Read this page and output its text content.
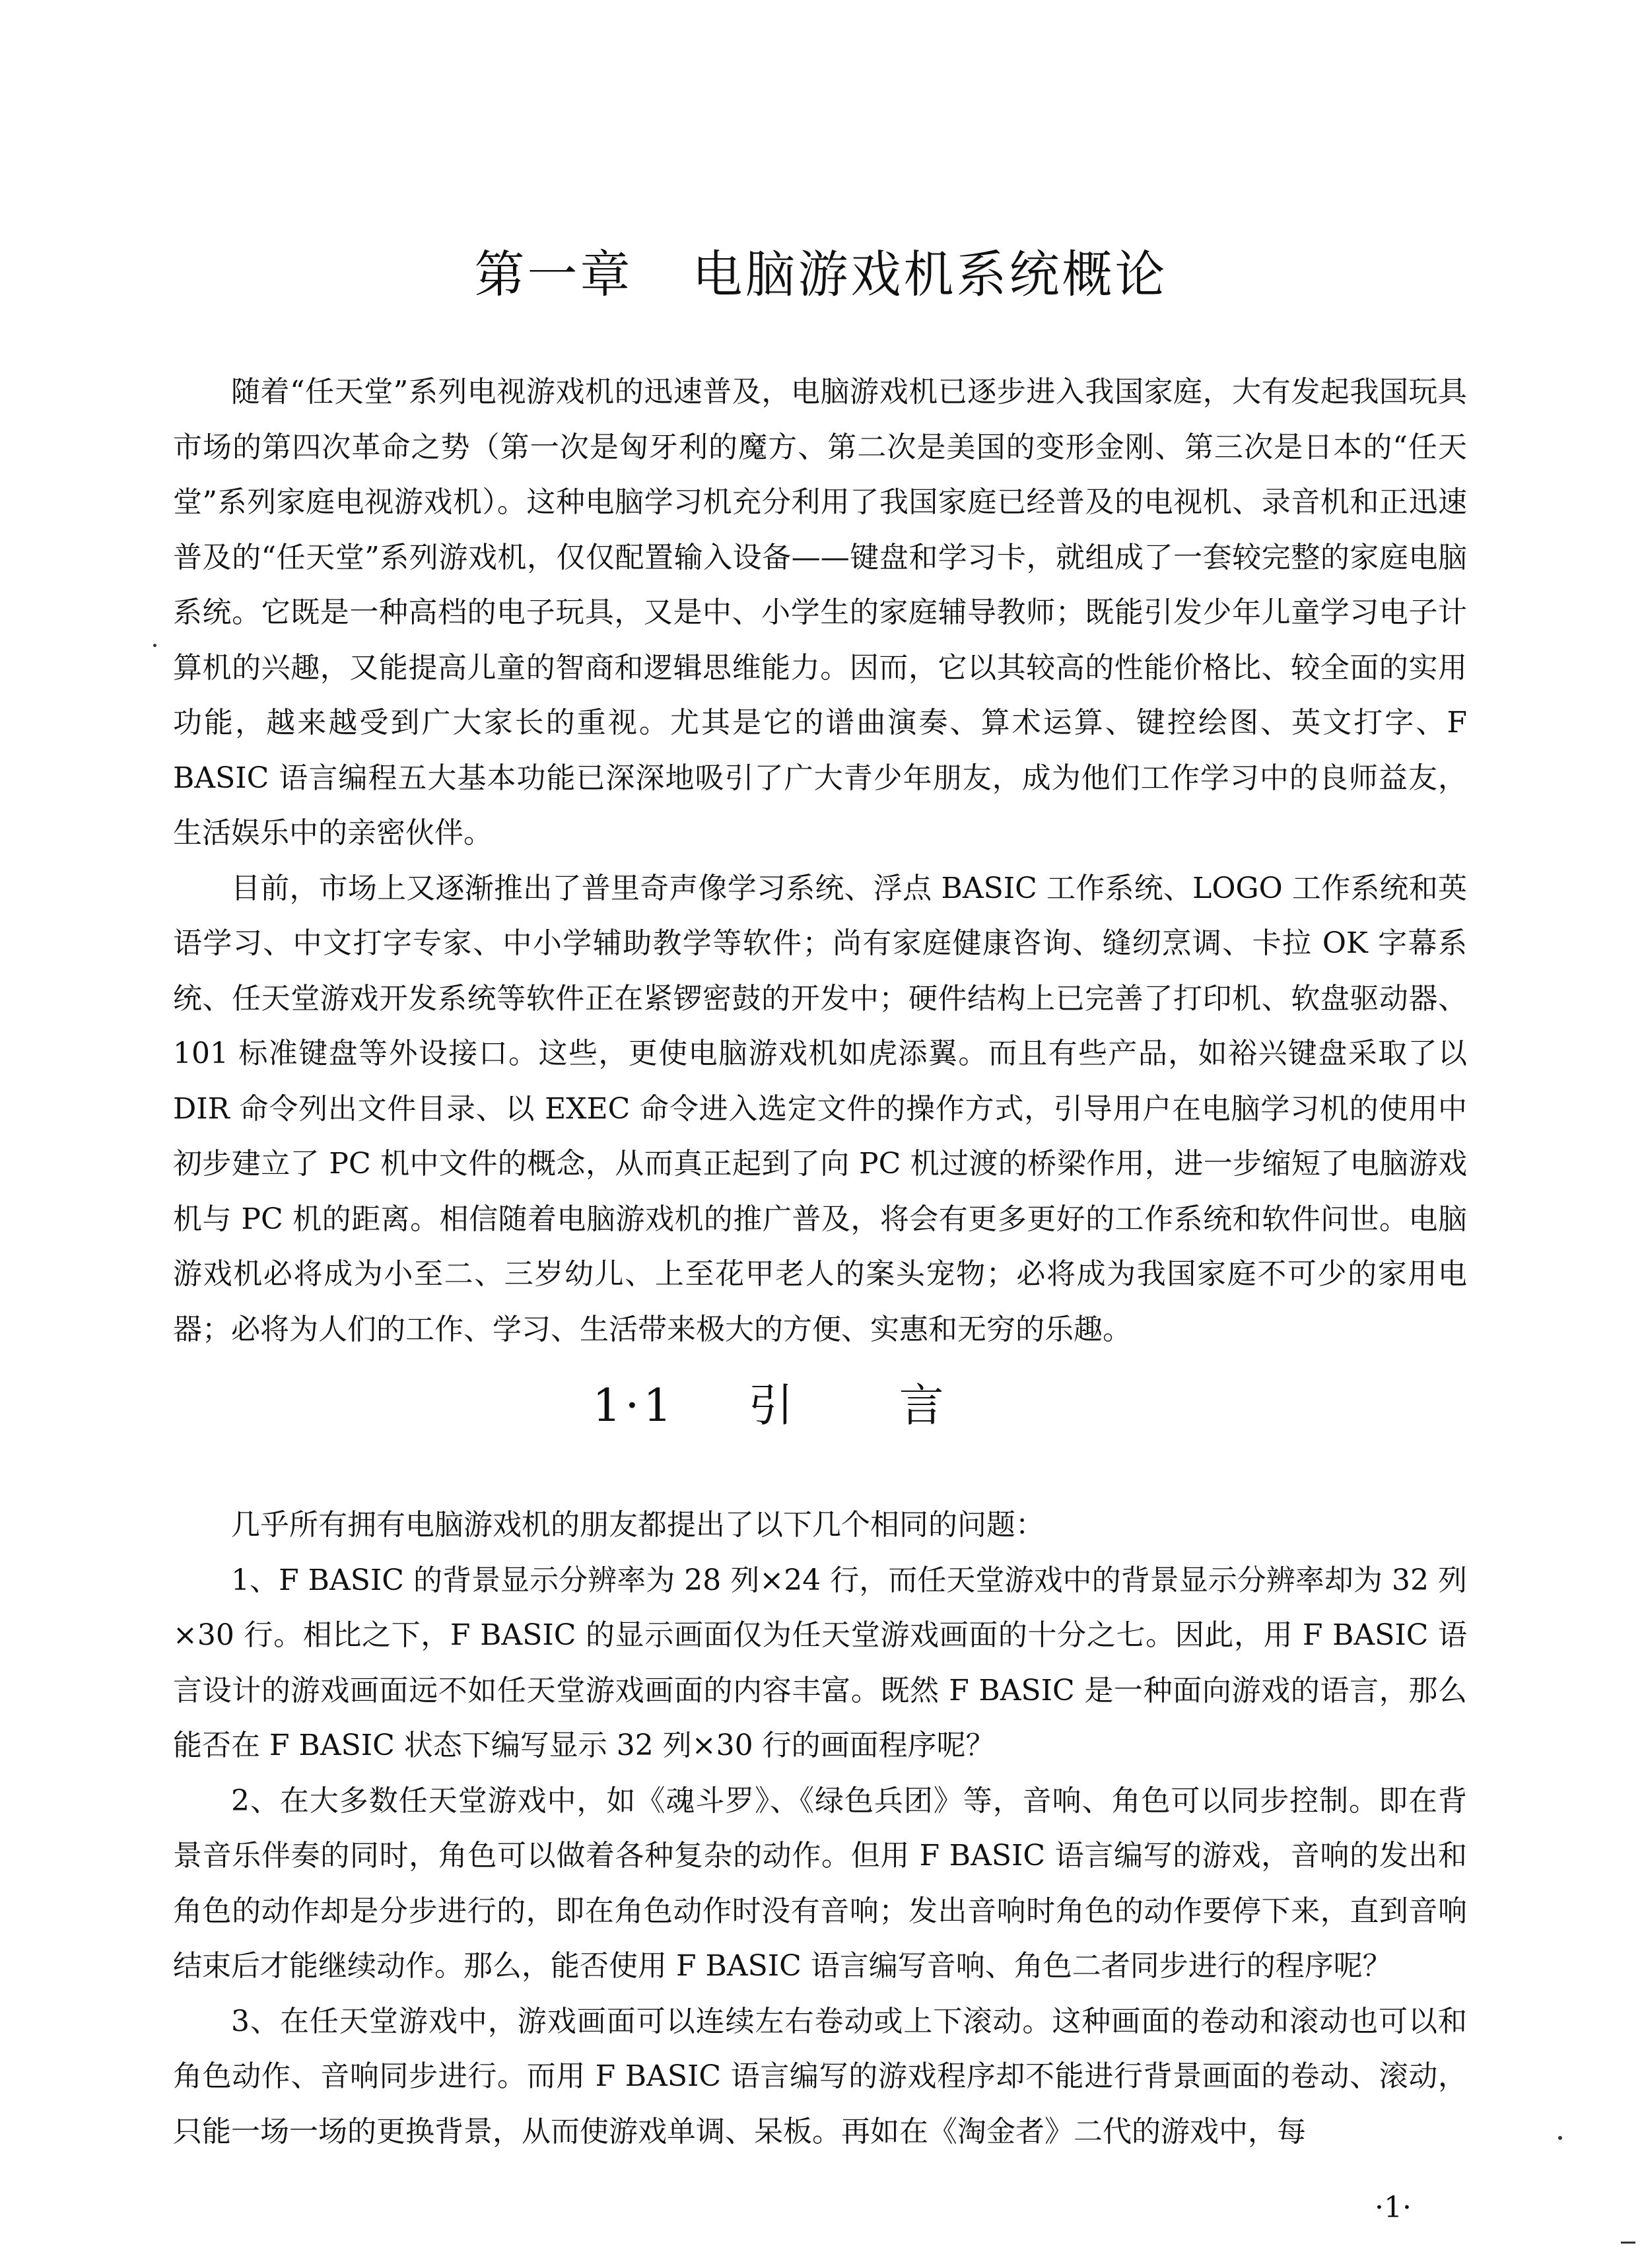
第一章 电脑游戏机系统概论

随着“任天堂”系列电视游戏机的迅速普及，电脑游戏机已逐步进入我国家庭，大有发起我国玩具市场的第四次革命之势（第一次是匈牙利的魔方、第二次是美国的变形金刚、第三次是日本的“任天堂”系列家庭电视游戏机）。这种电脑学习机充分利用了我国家庭已经普及的电视机、录音机和正迅速普及的“任天堂”系列游戏机，仅仅配置输入设备——键盘和学习卡，就组成了一套较完整的家庭电脑系统。它既是一种高档的电子玩具，又是中、小学生的家庭辅导教师；既能引发少年儿童学习电子计算机的兴趣，又能提高儿童的智商和逻辑思维能力。因而，它以其较高的性能价格比、较全面的实用功能，越来越受到广大家长的重视。尤其是它的谱曲演奏、算术运算、键控绘图、英文打字、F BASIC 语言编程五大基本功能已深深地吸引了广大青少年朋友，成为他们工作学习中的良师益友，生活娱乐中的亲密伙伴。

目前，市场上又逐渐推出了普里奇声像学习系统、浮点 BASIC 工作系统、LOGO 工作系统和英语学习、中文打字专家、中小学辅助教学等软件；尚有家庭健康咨询、缝纫烹调、卡拉 OK 字幕系统、任天堂游戏开发系统等软件正在紧锣密鼓的开发中；硬件结构上已完善了打印机、软盘驱动器、101 标准键盘等外设接口。这些，更使电脑游戏机如虎添翼。而且有些产品，如裕兴键盘采取了以 DIR 命令列出文件目录、以 EXEC 命令进入选定文件的操作方式，引导用户在电脑学习机的使用中初步建立了 PC 机中文件的概念，从而真正起到了向 PC 机过渡的桥梁作用，进一步缩短了电脑游戏机与 PC 机的距离。相信随着电脑游戏机的推广普及，将会有更多更好的工作系统和软件问世。电脑游戏机必将成为小至二、三岁幼儿、上至花甲老人的案头宠物；必将成为我国家庭不可少的家用电器；必将为人们的工作、学习、生活带来极大的方便、实惠和无穷的乐趣。

1·1 引言

几乎所有拥有电脑游戏机的朋友都提出了以下几个相同的问题：

1、F BASIC 的背景显示分辨率为 28 列×24 行，而任天堂游戏中的背景显示分辨率却为 32 列×30 行。相比之下，F BASIC 的显示画面仅为任天堂游戏画面的十分之七。因此，用 F BASIC 语言设计的游戏画面远不如任天堂游戏画面的内容丰富。既然 F BASIC 是一种面向游戏的语言，那么能否在 F BASIC 状态下编写显示 32 列×30 行的画面程序呢？

2、在大多数任天堂游戏中，如《魂斗罗》、《绿色兵团》等，音响、角色可以同步控制。即在背景音乐伴奏的同时，角色可以做着各种复杂的动作。但用 F BASIC 语言编写的游戏，音响的发出和角色的动作却是分步进行的，即在角色动作时没有音响；发出音响时角色的动作要停下来，直到音响结束后才能继续动作。那么，能否使用 F BASIC 语言编写音响、角色二者同步进行的程序呢？

3、在任天堂游戏中，游戏画面可以连续左右卷动或上下滚动。这种画面的卷动和滚动也可以和角色动作、音响同步进行。而用 F BASIC 语言编写的游戏程序却不能进行背景画面的卷动、滚动，只能一场一场的更换背景，从而使游戏单调、呆板。再如在《淘金者》二代的游戏中，每

·1·
